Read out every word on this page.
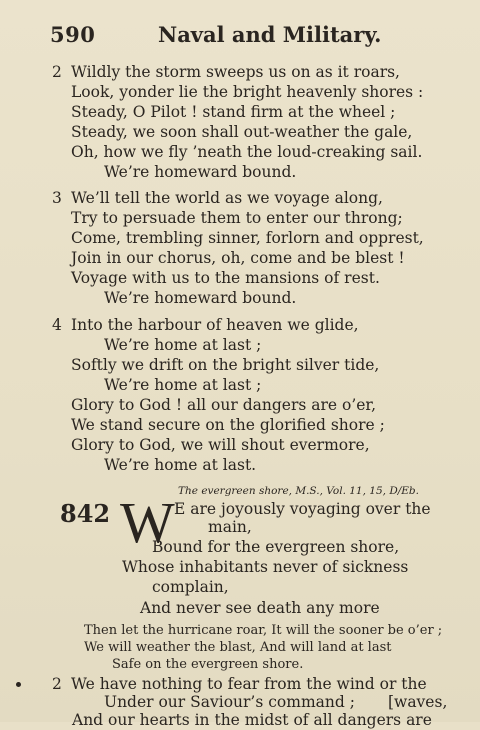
590	Naval and Military.
2 Wildly the storm sweeps us on as it roars,
Look, yonder lie the bright heavenly shores :
Steady, O Pilot ! stand firm at the wheel ;
Steady, we soon shall out-weather the gale,
Oh, how we fly ’neath the loud-creaking sail.
We’re homeward bound.
3 We’ll tell the world as we voyage along,
Try to persuade them to enter our throng;
Come, trembling sinner, forlorn and opprest,
Join in our chorus, oh, come and be blest !
Voyage with us to the mansions of rest.
We’re homeward bound.
4 Into the harbour of heaven we glide,
We’re home at last ;
Softly we drift on the bright silver tide,
We’re home at last ;
Glory to God ! all our dangers are o’er,
We stand secure on the glorified shore ;
Glory to God, we will shout evermore,
We’re home at last.
The evergreen shore, M.S., Vol. 11, 15, D/Eb.
842 W E are joyously voyaging over the
main,
Bound for the evergreen shore,
Whose inhabitants never of sickness
complain,
And never see death any more
Then let the hurricane roar, It will the sooner be o’er ;
We will weather the blast, And will land at last
Safe on the evergreen shore.
2 We have nothing to fear from the wind or the
Under our Saviour’s command ; [waves,
And our hearts in the midst of all dangers are
